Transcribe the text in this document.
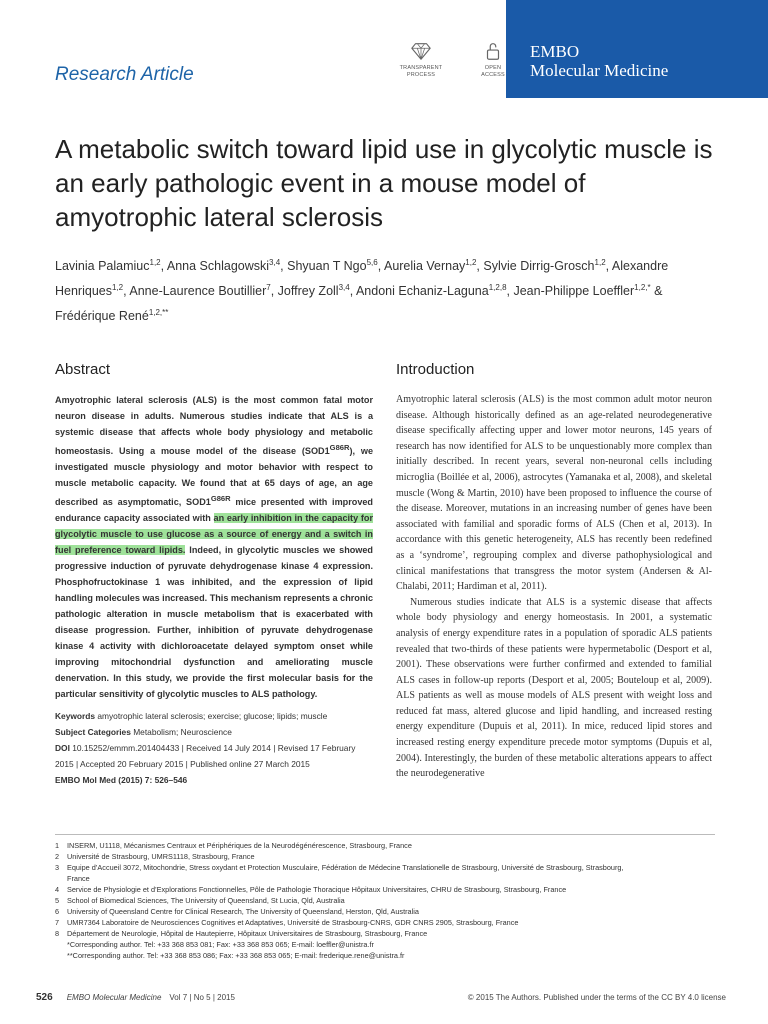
Research Article	TRANSPARENT
PROCESS
OPEN
ACCESS
EMBO
Molecular Medicine
A metabolic switch toward lipid use in glycolytic muscle is an early pathologic event in a mouse model of amyotrophic lateral sclerosis
Lavinia Palamiuc$^{1,2}$, Anna Schlagowski$^{3,4}$, Shyuan T Ngo$^{5,6}$, Aurelia Vernay$^{1,2}$, Sylvie Dirrig-Grosch$^{1,2}$, Alexandre Henriques$^{1,2}$, Anne-Laurence Boutillier$^7$, Joffrey Zoll$^{3,4}$, Andoni Echaniz-Laguna$^{1,2,8}$, Jean-Philippe Loeffler$^{1,2,*}$ & Frédérique René$^{1,2,**}$
Abstract	Introduction
Amyotrophic lateral sclerosis (ALS) is the most common fatal motor neuron disease in adults. Numerous studies indicate that ALS is a systemic disease that affects whole body physiology and metabolic homeostasis. Using a mouse model of the disease $(SOD1^{G86R})$, we investigated muscle physiology and motor behavior with respect to muscle metabolic capacity. We found that at 65 days of age, an age described as asymptomatic, $SOD1^{G86R}$ mice presented with improved endurance capacity associated with an early inhibition in the capacity for glycolytic muscle to use glucose as a source of energy and a switch in fuel preference toward lipids. Indeed, in glycolytic muscles we showed progressive induction of pyruvate dehydrogenase kinase 4 expression. Phosphofructokinase 1 was inhibited, and the expression of lipid handling molecules was increased. This mechanism represents a chronic pathologic alteration in muscle metabolism that is exacerbated with disease progression. Further, inhibition of pyruvate dehydrogenase kinase 4 activity with dichloroacetate delayed symptom onset while improving mitochondrial dysfunction and ameliorating muscle denervation. In this study, we provide the first molecular basis for the particular sensitivity of glycolytic muscles to ALS pathology.
Keywords amyotrophic lateral sclerosis; exercise; glucose; lipids; muscle
Subject Categories Metabolism; Neuroscience
DOI 10.15252/emmm.201404433 | Received 14 July 2014 | Revised 17 February 2015 | Accepted 20 February 2015 | Published online 27 March 2015
EMBO Mol Med (2015) 7: 526–546

Amyotrophic lateral sclerosis (ALS) is the most common adult motor neuron disease. Although historically defined as an age-related neurodegenerative disease specifically affecting upper and lower motor neurons, 145 years of research has now identified for ALS to be unquestionably more complex than initially described. In recent years, several non-neuronal cells including microglia (Boillée et al, 2006), astrocytes (Yamanaka et al, 2008), and skeletal muscle (Wong & Martin, 2010) have been proposed to influence the course of the disease. Moreover, mutations in an increasing number of genes have been associated with familial and sporadic forms of ALS (Chen et al, 2013). In accordance with this genetic heterogeneity, ALS has recently been redefined as a ‘syndrome’, regrouping complex and diverse pathophysiological and clinical manifestations that transgress the motor system (Andersen & Al-Chalabi, 2011; Hardiman et al, 2011).

Numerous studies indicate that ALS is a systemic disease that affects whole body physiology and energy homeostasis. In 2001, a systematic analysis of energy expenditure rates in a population of sporadic ALS patients revealed that two-thirds of these patients were hypermetabolic (Desport et al, 2001). These observations were further confirmed and extended to familial ALS cases in follow-up reports (Desport et al, 2005; Bouteloup et al, 2009). ALS patients as well as mouse models of ALS present with weight loss and reduced fat mass, altered glucose and lipid handling, and increased resting energy expenditure (Dupuis et al, 2011). In mice, reduced lipid stores and increased resting energy expenditure precede motor symptoms (Dupuis et al, 2004). Interestingly, the burden of these metabolic alterations appears to affect the neurodegenerative

1	INSERM, U1118, Mécanismes Centraux et Périphériques de la Neurodégénérescence, Strasbourg, France
2	Université de Strasbourg, UMRS1118, Strasbourg, France
3	Equipe d’Accueil 3072, Mitochondrie, Stress oxydant et Protection Musculaire, Fédération de Médecine Translationelle de Strasbourg, Université de Strasbourg, Strasbourg,
France
4	Service de Physiologie et d’Explorations Fonctionnelles, Pôle de Pathologie Thoracique Hôpitaux Universitaires, CHRU de Strasbourg, Strasbourg, France
5	School of Biomedical Sciences, The University of Queensland, St Lucia, Qld, Australia
6	University of Queensland Centre for Clinical Research, The University of Queensland, Herston, Qld, Australia
7	UMR7364 Laboratoire de Neurosciences Cognitives et Adaptatives, Université de Strasbourg-CNRS, GDR CNRS 2905, Strasbourg, France
8	Département de Neurologie, Hôpital de Hautepierre, Hôpitaux Universitaires de Strasbourg, Strasbourg, France
*Corresponding author. Tel: +33 368 853 081; Fax: +33 368 853 065; E-mail: loeffler@unistra.fr
**Corresponding author. Tel: +33 368 853 086; Fax: +33 368 853 065; E-mail: frederique.rene@unistra.fr
526 EMBO Molecular Medicine Vol 7 | No 5 | 2015	© 2015 The Authors. Published under the terms of the CC BY 4.0 license
